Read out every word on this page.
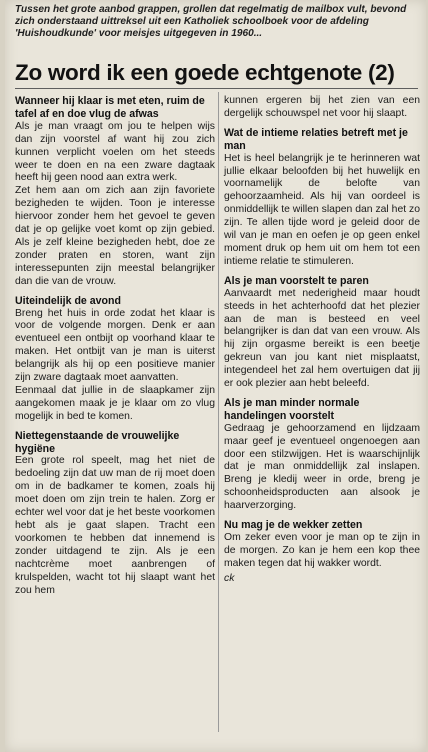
Tussen het grote aanbod grappen, grollen dat regelmatig de mailbox vult, bevond zich onderstaand uittreksel uit een Katholiek schoolboek voor de afdeling 'Huishoudkunde' voor meisjes uitgegeven in 1960...
Zo word ik een goede echtgenote (2)
Wanneer hij klaar is met eten, ruim de tafel af en doe vlug de afwas

Als je man vraagt om jou te helpen wijs dan zijn voorstel af want hij zou zich kunnen verplicht voelen om het steeds weer te doen en na een zware dagtaak heeft hij geen nood aan extra werk.

Zet hem aan om zich aan zijn favoriete bezigheden te wijden. Toon je interesse hiervoor zonder hem het gevoel te geven dat je op gelijke voet komt op zijn gebied. Als je zelf kleine bezigheden hebt, doe ze zonder praten en storen, want zijn interessepunten zijn meestal belangrijker dan die van de vrouw.

Uiteindelijk de avond

Breng het huis in orde zodat het klaar is voor de volgende morgen. Denk er aan eventueel een ontbijt op voorhand klaar te maken. Het ontbijt van je man is uiterst belangrijk als hij op een positieve manier zijn zware dagtaak moet aanvatten.

Eenmaal dat jullie in de slaapkamer zijn aangekomen maak je je klaar om zo vlug mogelijk in bed te komen.

Niettegenstaande de vrouwelijke hygiëne

Een grote rol speelt, mag het niet de bedoeling zijn dat uw man de rij moet doen om in de badkamer te komen, zoals hij moet doen om zijn trein te halen. Zorg er echter wel voor dat je het beste voorkomen hebt als je gaat slapen. Tracht een voorkomen te hebben dat innemend is zonder uitdagend te zijn. Als je een nachtcrème moet aanbrengen of krulspelden, wacht tot hij slaapt want het zou hem

kunnen ergeren bij het zien van een dergelijk schouwspel net voor hij slaapt.

Wat de intieme relaties betreft met je man

Het is heel belangrijk je te herinneren wat jullie elkaar beloofden bij het huwelijk en voornamelijk de belofte van gehoorzaamheid. Als hij van oordeel is onmiddellijk te willen slapen dan zal het zo zijn. Te allen tijde word je geleid door de wil van je man en oefen je op geen enkel moment druk op hem uit om hem tot een intieme relatie te stimuleren.

Als je man voorstelt te paren

Aanvaardt met nederigheid maar houdt steeds in het achterhoofd dat het plezier aan de man is besteed en veel belangrijker is dan dat van een vrouw. Als hij zijn orgasme bereikt is een beetje gekreun van jou kant niet misplaatst, integendeel het zal hem overtuigen dat jij er ook plezier aan hebt beleefd.

Als je man minder normale handelingen voorstelt

Gedraag je gehoorzamend en lijdzaam maar geef je eventueel ongenoegen aan door een stilzwijgen. Het is waarschijnlijk dat je man onmiddellijk zal inslapen. Breng je kledij weer in orde, breng je schoonheidsproducten aan alsook je haarverzorging.

Nu mag je de wekker zetten

Om zeker even voor je man op te zijn in de morgen. Zo kan je hem een kop thee maken tegen dat hij wakker wordt.

ck
